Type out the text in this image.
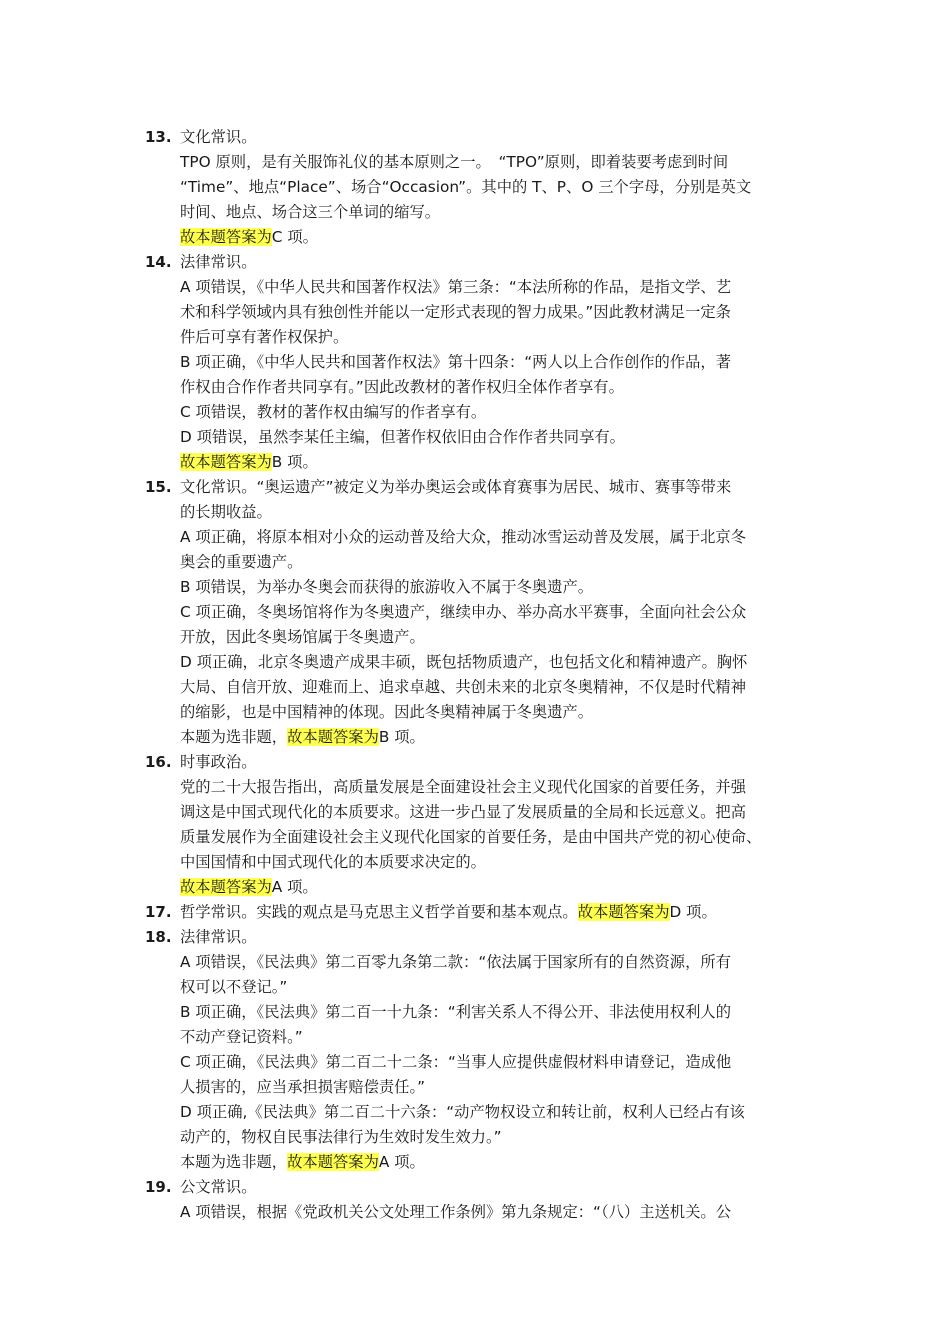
13. 文化常识。
TPO 原则，是有关服饰礼仪的基本原则之一。　“TPO”原则，即着装要考虑到时间
“Time”、地点“Place”、场合“Occasion”。其中的 T、P、O 三个字母，分别是英文
时间、地点、场合这三个单词的缩写。
故本题答案为C 项。
14. 法律常识。
A 项错误，《中华人民共和国著作权法》第三条：“本法所称的作品，是指文学、艺
术和科学领域内具有独创性并能以一定形式表现的智力成果。”因此教材满足一定条
件后可享有著作权保护。
B 项正确，《中华人民共和国著作权法》第十四条：“两人以上合作创作的作品，著
作权由合作作者共同享有。”因此改教材的著作权归全体作者享有。
C 项错误，教材的著作权由编写的作者享有。
D 项错误，虽然李某任主编，但著作权依旧由合作作者共同享有。
故本题答案为B 项。
15. 文化常识。“奥运遗产”被定义为举办奥运会或体育赛事为居民、城市、赛事等带来
的长期收益。
A 项正确，将原本相对小众的运动普及给大众，推动冰雪运动普及发展，属于北京冬
奥会的重要遗产。
B 项错误，为举办冬奥会而获得的旅游收入不属于冬奥遗产。
C 项正确，冬奥场馆将作为冬奥遗产，继续申办、举办高水平赛事，全面向社会公众
开放，因此冬奥场馆属于冬奥遗产。
D 项正确，北京冬奥遗产成果丰硕，既包括物质遗产，也包括文化和精神遗产。胸怀
大局、自信开放、迎难而上、追求卓越、共创未来的北京冬奥精神，不仅是时代精神
的缩影，也是中国精神的体现。因此冬奥精神属于冬奥遗产。
本题为选非题，故本题答案为B 项。
16. 时事政治。
党的二十大报告指出，高质量发展是全面建设社会主义现代化国家的首要任务，并强
调这是中国式现代化的本质要求。这进一步凸显了发展质量的全局和长远意义。把高
质量发展作为全面建设社会主义现代化国家的首要任务，是由中国共产党的初心使命、
中国国情和中国式现代化的本质要求决定的。
故本题答案为A 项。
17. 哲学常识。实践的观点是马克思主义哲学首要和基本观点。故本题答案为D 项。
18. 法律常识。
A 项错误，《民法典》第二百零九条第二款：“依法属于国家所有的自然资源，所有
权可以不登记。”
B 项正确，《民法典》第二百一十九条：“利害关系人不得公开、非法使用权利人的
不动产登记资料。”
C 项正确，《民法典》第二百二十二条：“当事人应提供虚假材料申请登记，造成他
人损害的，应当承担损害赔偿责任。”
D 项正确,《民法典》第二百二十六条：“动产物权设立和转让前，权利人已经占有该
动产的，物权自民事法律行为生效时发生效力。”
本题为选非题，故本题答案为A 项。
19. 公文常识。
A 项错误，根据《党政机关公文处理工作条例》第九条规定：“（八）主送机关。公
